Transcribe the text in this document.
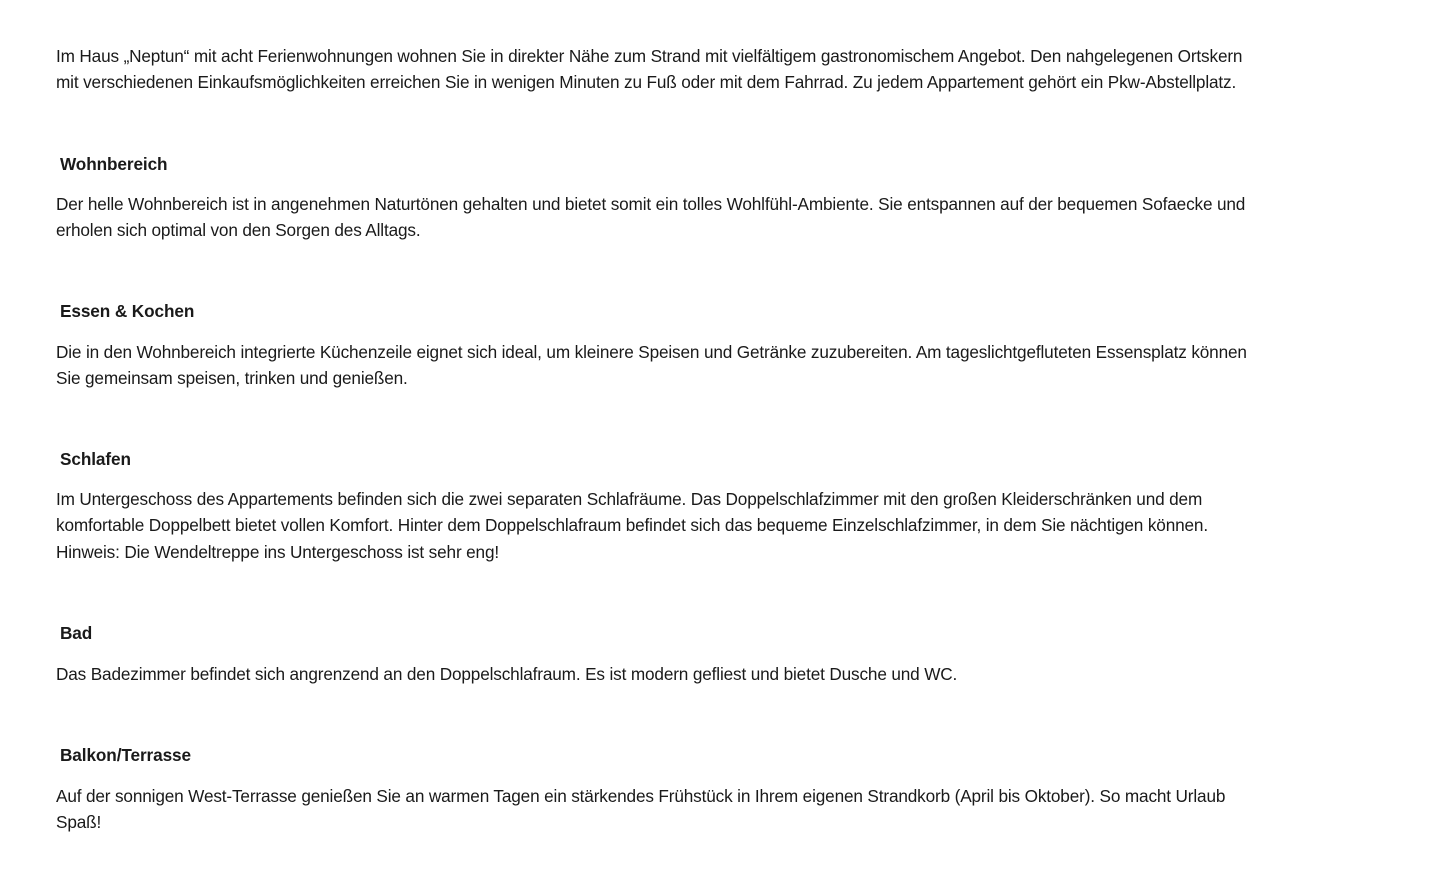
Im Haus „Neptun“ mit acht Ferienwohnungen wohnen Sie in direkter Nähe zum Strand mit vielfältigem gastronomischem Angebot. Den nahgelegenen Ortskern
mit verschiedenen Einkaufsmöglichkeiten erreichen Sie in wenigen Minuten zu Fuß oder mit dem Fahrrad. Zu jedem Appartement gehört ein Pkw-Abstellplatz.

Wohnbereich

Der helle Wohnbereich ist in angenehmen Naturtönen gehalten und bietet somit ein tolles Wohlfühl-Ambiente. Sie entspannen auf der bequemen Sofaecke und
erholen sich optimal von den Sorgen des Alltags.

Essen & Kochen

Die in den Wohnbereich integrierte Küchenzeile eignet sich ideal, um kleinere Speisen und Getränke zuzubereiten. Am tageslichtgefluteten Essensplatz können
Sie gemeinsam speisen, trinken und genießen.

Schlafen

Im Untergeschoss des Appartements befinden sich die zwei separaten Schlafräume. Das Doppelschlafzimmer mit den großen Kleiderschränken und dem
komfortable Doppelbett bietet vollen Komfort. Hinter dem Doppelschlafraum befindet sich das bequeme Einzelschlafzimmer, in dem Sie nächtigen können.
Hinweis: Die Wendeltreppe ins Untergeschoss ist sehr eng!

Bad

Das Badezimmer befindet sich angrenzend an den Doppelschlafraum. Es ist modern gefliest und bietet Dusche und WC.

Balkon/Terrasse

Auf der sonnigen West-Terrasse genießen Sie an warmen Tagen ein stärkendes Frühstück in Ihrem eigenen Strandkorb (April bis Oktober). So macht Urlaub
Spaß!
